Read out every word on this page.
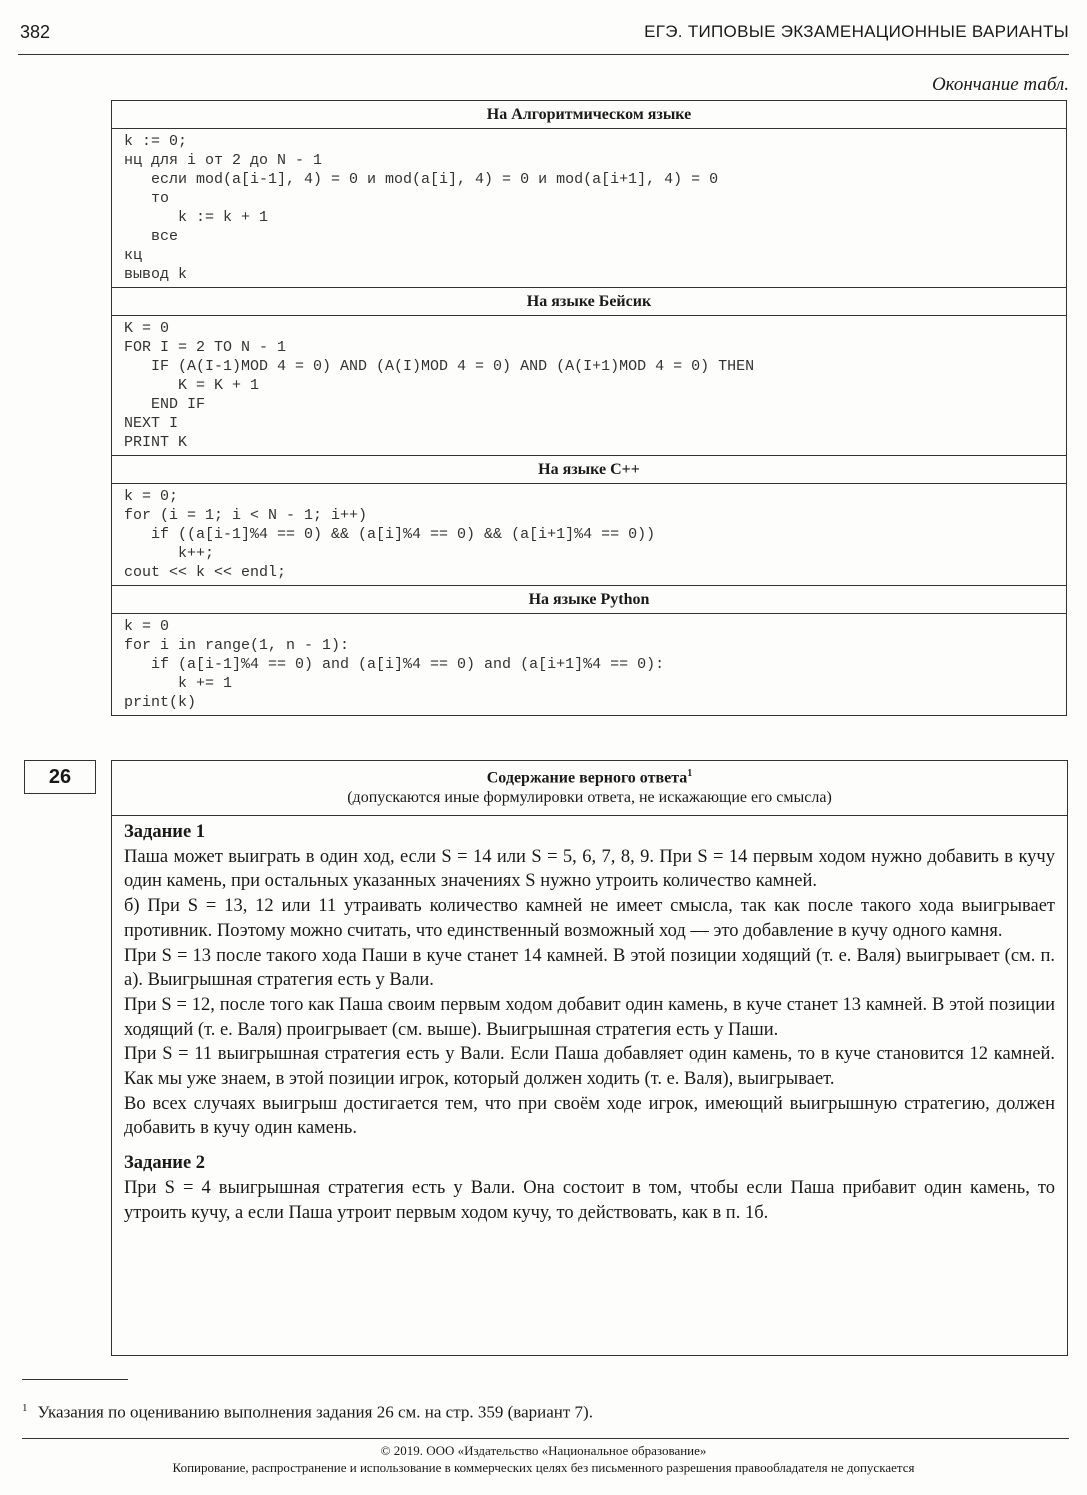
382	ЕГЭ. ТИПОВЫЕ ЭКЗАМЕНАЦИОННЫЕ ВАРИАНТЫ
Окончание табл.
На Алгоритмическом языке
k := 0;
нц для i от 2 до N - 1
если mod(a[i-1], 4) = 0 и mod(a[i], 4) = 0 и mod(a[i+1], 4) = 0
то
k := k + 1
все
кц
вывод k
На языке Бейсик
K = 0
FOR I = 2 TO N - 1
IF (A(I-1)MOD 4 = 0) AND (A(I)MOD 4 = 0) AND (A(I+1)MOD 4 = 0) THEN
K = K + 1
END IF
NEXT I
PRINT K
На языке С++
k = 0;
for (i = 1; i < N - 1; i++)
if ((a[i-1]%4 == 0) && (a[i]%4 == 0) && (a[i+1]%4 == 0))
k++;
cout << k << endl;
На языке Python
k = 0
for i in range(1, n - 1):
if (a[i-1]%4 == 0) and (a[i]%4 == 0) and (a[i+1]%4 == 0):
k += 1
print(k)
26	Содержание верного ответа$^1$
(допускаются иные формулировки ответа, не искажающие его смысла)

Задание 1

Паша может выиграть в один ход, если S = 14 или S = 5, 6, 7, 8, 9. При S = 14 первым ходом нужно добавить в кучу один камень, при остальных указанных значениях S нужно утроить количество камней.

б) При S = 13, 12 или 11 утраивать количество камней не имеет смысла, так как после такого хода выигрывает противник. Поэтому можно считать, что единственный возможный ход — это добавление в кучу одного камня.

При S = 13 после такого хода Паши в куче станет 14 камней. В этой позиции ходящий (т. е. Валя) выигрывает (см. п. а). Выигрышная стратегия есть у Вали.

При S = 12, после того как Паша своим первым ходом добавит один камень, в куче станет 13 камней. В этой позиции ходящий (т. е. Валя) проигрывает (см. выше). Выигрышная стратегия есть у Паши.

При S = 11 выигрышная стратегия есть у Вали. Если Паша добавляет один камень, то в куче становится 12 камней. Как мы уже знаем, в этой позиции игрок, который должен ходить (т. е. Валя), выигрывает.

Во всех случаях выигрыш достигается тем, что при своём ходе игрок, имеющий выигрышную стратегию, должен добавить в кучу один камень.

Задание 2

При S = 4 выигрышная стратегия есть у Вали. Она состоит в том, чтобы если Паша прибавит один камень, то утроить кучу, а если Паша утроит первым ходом кучу, то действовать, как в п. 1б.

$^1$ Указания по оцениванию выполнения задания 26 см. на стр. 359 (вариант 7).
© 2019. ООО «Издательство «Национальное образование»
Копирование, распространение и использование в коммерческих целях без письменного разрешения правообладателя не допускается
